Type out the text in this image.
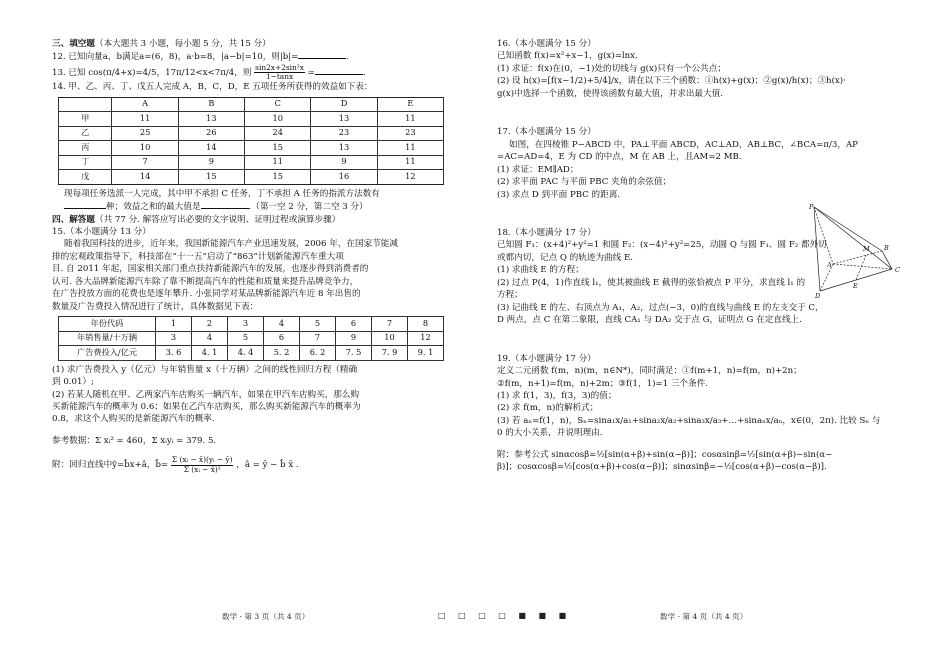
三、填空题（本大题共 3 小题，每小题 5 分，共 15 分）
12. 已知向量a，b满足a=(6，8)，a·b=8，|a−b|=10，则|b|=	.
13. 已知 cos(π/4+x)=4/5，17π/12<x<7π/4，则 $\frac{\text{sin2x+2sin²x}}{1-\tan x}$ =	.
14. 甲、乙、丙、丁、戊五人完成 A，B，C，D，E 五项任务所获得的效益如下表：
	A	B	C	D	E
甲	11	13	10	13	11
乙	25	26	24	23	23
丙	10	14	15	13	11
丁	7	9	11	9	11
戊	14	15	15	16	12
现每项任务选派一人完成，其中甲不承担 C 任务，丁不承担 A 任务的指派方法数有
种；效益之和的最大值是	.（第一空 2 分，第二空 3 分）
四、解答题（共 77 分. 解答应写出必要的文字说明、证明过程或演算步骤）
15.（本小题满分 13 分）
随着我国科技的进步，近年来，我国新能源汽车产业迅速发展，2006 年，在国家节能减
排的宏观政策指导下，科技部在“十一五”启动了“863”计划新能源汽车重大项
目. 自 2011 年起，国家相关部门重点扶持新能源汽车的发展，也逐步得到消费者的
认可. 各大品牌新能源汽车除了靠不断提高汽车的性能和质量来提升品牌竞争力，
在广告投放方面的花费也是逐年攀升. 小张同学对某品牌新能源汽车近 8 年出售的
数量及广告费投入情况进行了统计，具体数据见下表：
年份代码	1	2	3	4	5	6	7	8
年销售量/十万辆	3	4	5	6	7	9	10	12
广告费投入/亿元	3. 6	4. 1	4. 4	5. 2	6. 2	7. 5	7. 9	9. 1
(1) 求广告费投入 y（亿元）与年销售量 x（十万辆）之间的线性回归方程（精确
到 0.01）;
(2) 若某人随机在甲、乙两家汽车店购买一辆汽车，如果在甲汽车店购买，那么购
买新能源汽车的概率为 0.6；如果在乙汽车店购买，那么购买新能源汽车的概率为
0.8，求这个人购买的是新能源汽车的概率.
参考数据：Σ xᵢ² = 460，Σ xᵢyᵢ = 379. 5.
附：回归直线中ŷ=b̂x+â，b̂= $\frac{\text{Σ (xᵢ − x̄)(yᵢ − ȳ)}}{\text{Σ (xᵢ − x̄)²}}$ ，â = ȳ − b̂ x̄ .
16.（本小题满分 15 分）
已知函数 f(x)=x²+x−1，g(x)=lnx.
(1) 求证：f(x)在(0，−1)处的切线与 g(x)只有一个公共点；
(2) 设 h(x)=[f(x−1/2)+5/4]/x，请在以下三个函数：①h(x)+g(x)；②g(x)/h(x)；③h(x)·
g(x)中选择一个函数，使得该函数有最大值，并求出最大值.
17.（本小题满分 15 分）
如图，在四棱锥 P−ABCD 中，PA⊥平面 ABCD，AC⊥AD，AB⊥BC，∠BCA=π/3，AP
=AC=AD=4，E 为 CD 的中点，M 在 AB 上，且AM=2 MB.
(1) 求证：EM∥AD；
(2) 求平面 PAC 与平面 PBC 夹角的余弦值；
(3) 求点 D 到平面 PBC 的距离.
18.（本小题满分 17 分）
已知圆 F₁：(x+4)²+y²=1 和圆 F₂：(x−4)²+y²=25，动圆 Q 与圆 F₁、圆 F₂ 都外切
或都内切，记点 Q 的轨迹为曲线 E.
(1) 求曲线 E 的方程；
(2) 过点 P(4，1)作直线 l₁，使其被曲线 E 截得的弦恰被点 P 平分，求直线 l₁ 的
方程；
(3) 记曲线 E 的左、右顶点为 A₁，A₂，过点(−3，0)的直线与曲线 E 的左支交于 C，
D 两点，点 C 在第二象限，直线 CA₁ 与 DA₂ 交于点 G，证明点 G 在定直线上.
19.（本小题满分 17 分）
定义二元函数 f(m，n)(m，n∈N*)，同时满足：①f(m+1，n)=f(m，n)+2n；
②f(m，n+1)=f(m，n)+2m；③f(1，1)=1 三个条件.
(1) 求 f(1，3)，f(3，3)的值；
(2) 求 f(m，n)的解析式；
(3) 若 aₙ=f(1，n)，Sₙ=sina₁x/a₁+sina₂x/a₂+sina₃x/a₃+…+sinaₙx/aₙ，x∈(0，2π). 比较 Sₙ 与
0 的大小关系，并说明理由.
附：参考公式 sinαcosβ=½[sin(α+β)+sin(α−β)]；cosαsinβ=½[sin(α+β)−sin(α−
β)]；cosαcosβ=½[cos(α+β)+cos(α−β)]；sinαsinβ=−½[cos(α+β)−cos(α−β)].
P
M B
A
C
E
D
数学 · 第 3 页（共 4 页）	□ □ □ □ ■ ■ ■	数学 · 第 4 页（共 4 页）
